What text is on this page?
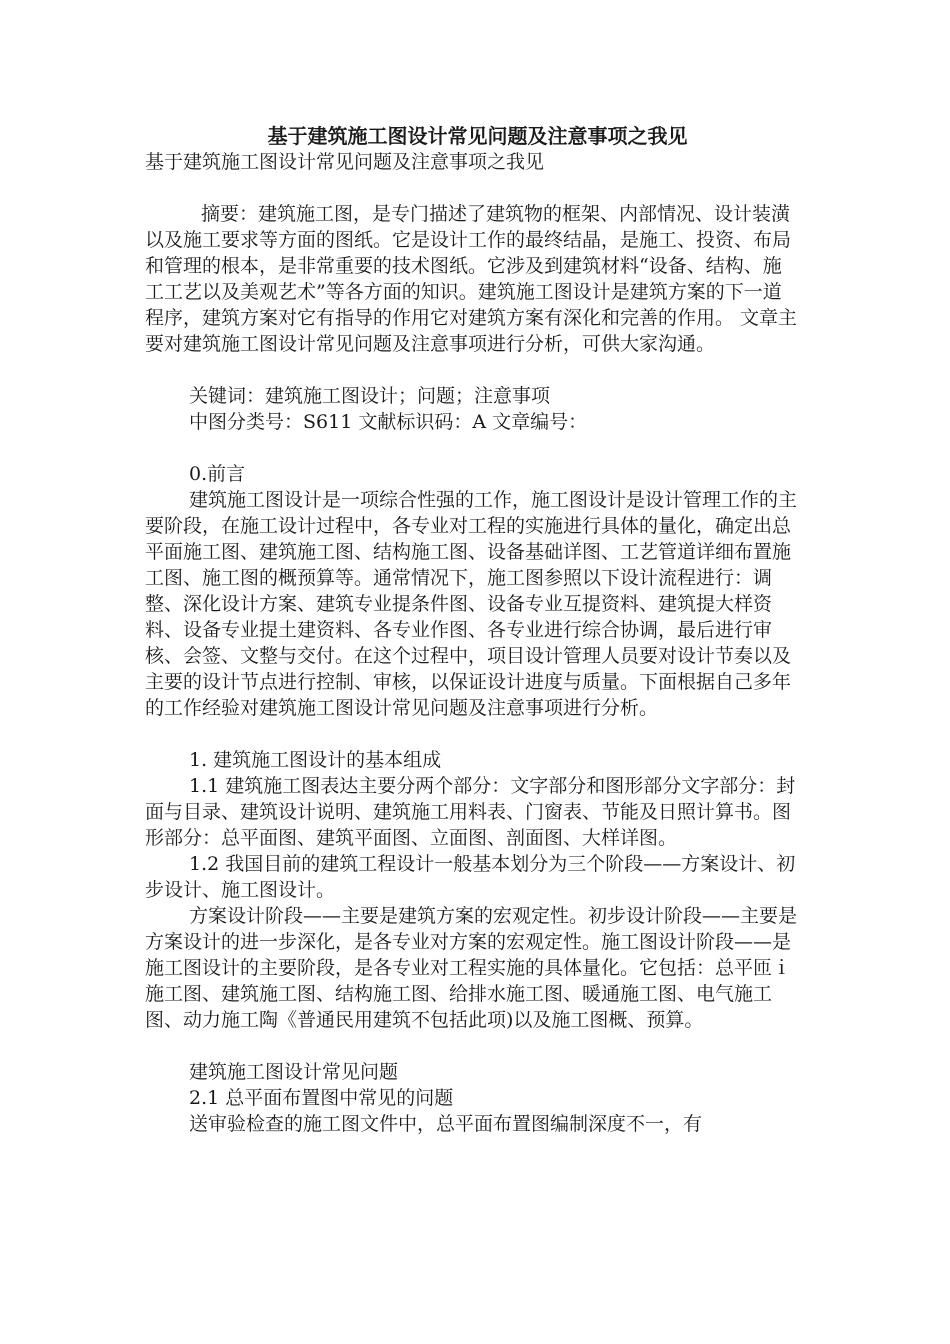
基于建筑施工图设计常见问题及注意事项之我见

基于建筑施工图设计常见问题及注意事项之我见

摘要：建筑施工图，是专门描述了建筑物的框架、内部情况、设计装潢以及施工要求等方面的图纸。它是设计工作的最终结晶，是施工、投资、布局和管理的根本，是非常重要的技术图纸。它涉及到建筑材料“设备、结构、施工工艺以及美观艺术”等各方面的知识。建筑施工图设计是建筑方案的下一道程序，建筑方案对它有指导的作用它对建筑方案有深化和完善的作用。 文章主要对建筑施工图设计常见问题及注意事项进行分析，可供大家沟通。

关键词：建筑施工图设计；问题；注意事项

中图分类号：S611 文献标识码：A 文章编号：

0.前言

建筑施工图设计是一项综合性强的工作，施工图设计是设计管理工作的主要阶段，在施工设计过程中，各专业对工程的实施进行具体的量化，确定出总平面施工图、建筑施工图、结构施工图、设备基础详图、工艺管道详细布置施工图、施工图的概预算等。通常情况下，施工图参照以下设计流程进行：调整、深化设计方案、建筑专业提条件图、设备专业互提资料、建筑提大样资料、设备专业提土建资料、各专业作图、各专业进行综合协调，最后进行审核、会签、文整与交付。在这个过程中，项目设计管理人员要对设计节奏以及主要的设计节点进行控制、审核，以保证设计进度与质量。下面根据自己多年的工作经验对建筑施工图设计常见问题及注意事项进行分析。

1. 建筑施工图设计的基本组成

1.1 建筑施工图表达主要分两个部分：文字部分和图形部分文字部分：封面与目录、建筑设计说明、建筑施工用料表、门窗表、节能及日照计算书。图形部分：总平面图、建筑平面图、立面图、剖面图、大样详图。

1.2 我国目前的建筑工程设计一般基本划分为三个阶段——方案设计、初步设计、施工图设计。

方案设计阶段——主要是建筑方案的宏观定性。初步设计阶段——主要是方案设计的进一步深化，是各专业对方案的宏观定性。施工图设计阶段——是施工图设计的主要阶段，是各专业对工程实施的具体量化。它包括：总平匝ｉ施工图、建筑施工图、结构施工图、给排水施工图、暖通施工图、电气施工图、动力施工陶《普通民用建筑不包括此项)以及施工图概、预算。

建筑施工图设计常见问题

2.1 总平面布置图中常见的问题

送审验检查的施工图文件中，总平面布置图编制深度不一，有
